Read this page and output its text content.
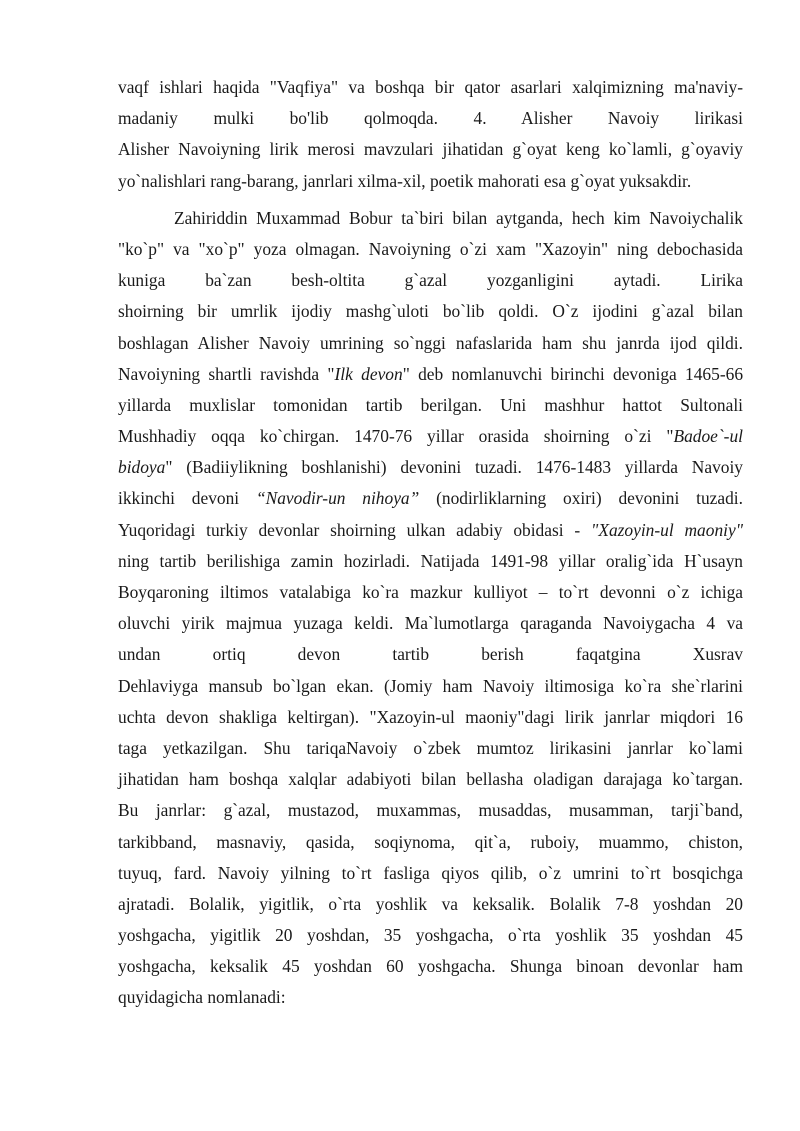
vaqf ishlari haqida "Vaqfiya" va boshqa bir qator asarlari xalqimizning ma'naviy-
madaniy mulki bo'lib qolmoqda. 4. Alisher Navoiy lirikasi
Alisher Navoiyning lirik merosi mavzulari jihatidan g`oyat keng ko`lamli, g`oyaviy
yo`nalishlari rang-barang, janrlari xilma-xil, poetik mahorati esa g`oyat yuksakdir.
Zahiriddin Muxammad Bobur ta`biri bilan aytganda, hech kim Navoiychalik
"ko`p" va "xo`p" yoza olmagan. Navoiyning o`zi xam "Xazoyin" ning debochasida
kuniga ba`zan besh-oltita g`azal yozganligini aytadi. Lirika
shoirning bir umrlik ijodiy mashg`uloti bo`lib qoldi. O`z ijodini g`azal bilan
boshlagan Alisher Navoiy umrining so`nggi nafaslarida ham shu janrda ijod qildi.
Navoiyning shartli ravishda "Ilk devon" deb nomlanuvchi birinchi devoniga 1465-66
yillarda muxlislar tomonidan tartib berilgan. Uni mashhur hattot Sultonali
Mushhadiy oqqa ko`chirgan. 1470-76 yillar orasida shoirning o`zi "Badoe`-ul
bidoya" (Badiiylikning boshlanishi) devonini tuzadi. 1476-1483 yillarda Navoiy
ikkinchi devoni “Navodir-un nihoya” (nodirliklarning oxiri) devonini tuzadi.
Yuqoridagi turkiy devonlar shoirning ulkan adabiy obidasi - "Xazoyin-ul maoniy"
ning tartib berilishiga zamin hozirladi. Natijada 1491-98 yillar oralig`ida H`usayn
Boyqaroning iltimos vatalabiga ko`ra mazkur kulliyot – to`rt devonni o`z ichiga
oluvchi yirik majmua yuzaga keldi. Ma`lumotlarga qaraganda Navoiygacha 4 va
undan ortiq devon tartib berish faqatgina Xusrav
Dehlaviyga mansub bo`lgan ekan. (Jomiy ham Navoiy iltimosiga ko`ra she`rlarini
uchta devon shakliga keltirgan). "Xazoyin-ul maoniy"dagi lirik janrlar miqdori 16
taga yetkazilgan. Shu tariqaNavoiy o`zbek mumtoz lirikasini janrlar ko`lami
jihatidan ham boshqa xalqlar adabiyoti bilan bellasha oladigan darajaga ko`targan.
Bu janrlar: g`azal, mustazod, muxammas, musaddas, musamman, tarji`band,
tarkibband, masnaviy, qasida, soqiynoma, qit`a, ruboiy, muammo, chiston,
tuyuq, fard. Navoiy yilning to`rt fasliga qiyos qilib, o`z umrini to`rt bosqichga
ajratadi. Bolalik, yigitlik, o`rta yoshlik va keksalik. Bolalik 7-8 yoshdan 20
yoshgacha, yigitlik 20 yoshdan, 35 yoshgacha, o`rta yoshlik 35 yoshdan 45
yoshgacha, keksalik 45 yoshdan 60 yoshgacha. Shunga binoan devonlar ham
quyidagicha nomlanadi:
